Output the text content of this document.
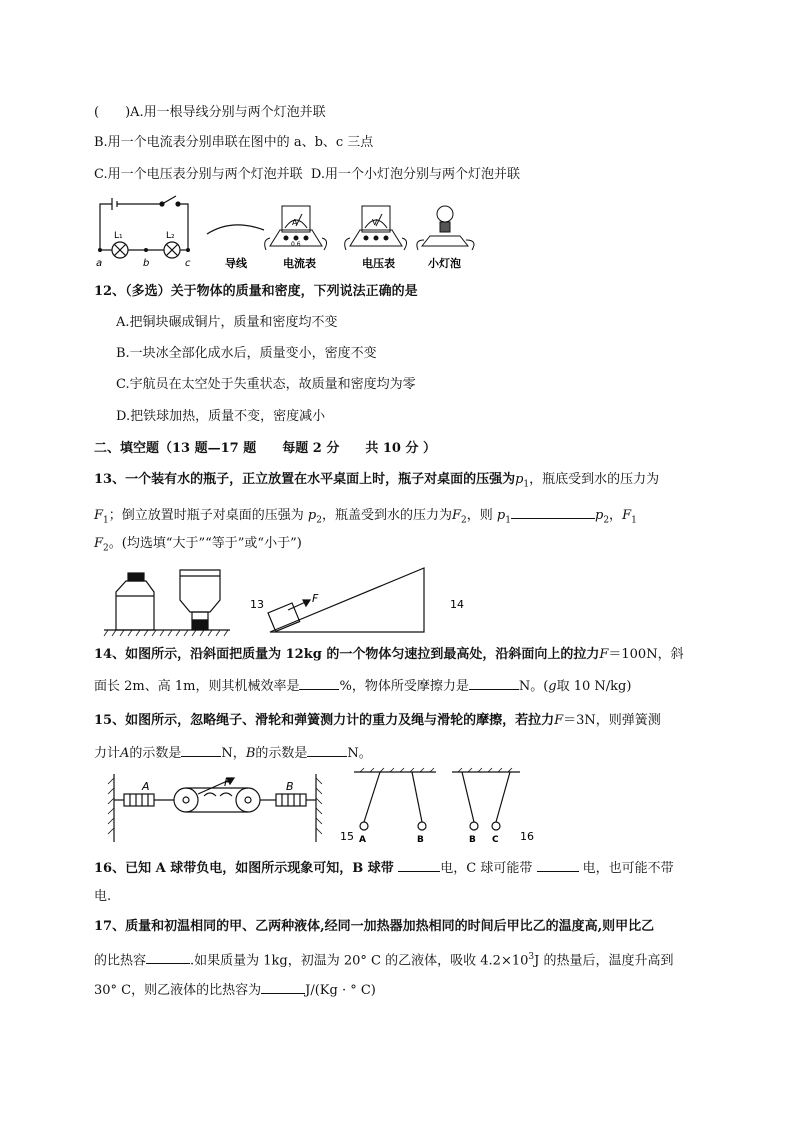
(　　)A.用一根导线分别与两个灯泡并联
B.用一个电流表分别串联在图中的 a、b、c 三点
C.用一个电压表分别与两个灯泡并联 D.用一个小灯泡分别与两个灯泡并联
a	b	c
L₁	L₂
A
0.6
V
导线	电流表	电压表	小灯泡
12、（多选）关于物体的质量和密度，下列说法正确的是
A.把铜块碾成铜片，质量和密度均不变
B.一块冰全部化成水后，质量变小，密度不变
C.宇航员在太空处于失重状态，故质量和密度均为零
D.把铁球加热，质量不变，密度减小
二、填空题（13 题—17 题　　每题 2 分　　共 10 分 ）
13、一个装有水的瓶子，正立放置在水平桌面上时，瓶子对桌面的压强为$p_1$，瓶底受到水的压力为
$F_1$；倒立放置时瓶子对桌面的压强为 $p_2$，瓶盖受到水的压力为$F_2$，则 $p_1$	$p_2$，$F_1$
$F_2$。(均选填“大于”“等于”或“小于”)
13	F	14
14、如图所示，沿斜面把质量为 12kg 的一个物体匀速拉到最高处，沿斜面向上的拉力F＝100N，斜
面长 2m、高 1m，则其机械效率是	%，物体所受摩擦力是	N。(g取 10 N/kg)
15、如图所示，忽略绳子、滑轮和弹簧测力计的重力及绳与滑轮的摩擦，若拉力F＝3N，则弹簧测
力计A的示数是	N，B的示数是	N。
A	B
F
15 A	B	B C 16
16、已知 A 球带负电，如图所示现象可知，B 球带	电，C 球可能带	电，也可能不带
电.
17、质量和初温相同的甲、乙两种液体,经同一加热器加热相同的时间后甲比乙的温度高,则甲比乙
的比热容	.如果质量为 1kg，初温为 20° C 的乙液体，吸收 $4.2\times 10^3J$ 的热量后，温度升高到
30° C，则乙液体的比热容为	J/(Kg · ° C)
